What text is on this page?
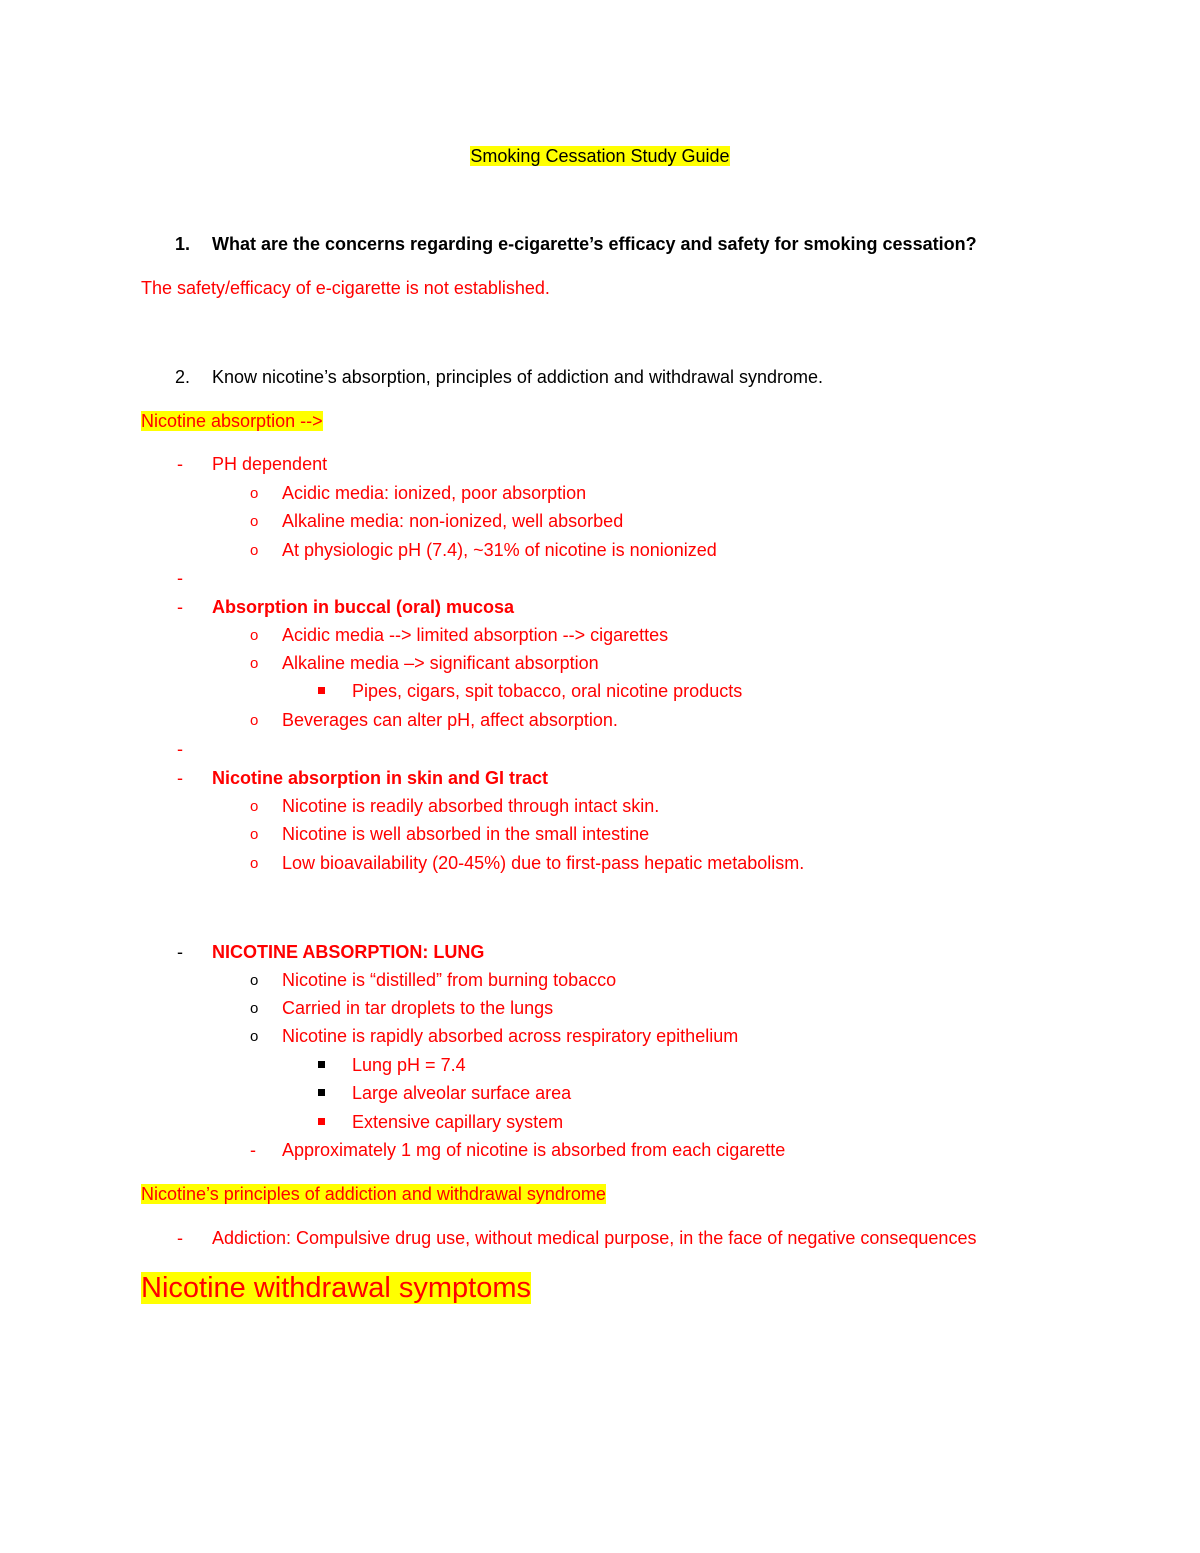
Smoking Cessation Study Guide
1. What are the concerns regarding e-cigarette’s efficacy and safety for smoking cessation?
The safety/efficacy of e-cigarette is not established.
2. Know nicotine’s absorption, principles of addiction and withdrawal syndrome.
Nicotine absorption -->
- PH dependent
o Acidic media: ionized, poor absorption
o Alkaline media: non-ionized, well absorbed
o At physiologic pH (7.4), ~31% of nicotine is nonionized
-
- Absorption in buccal (oral) mucosa
o Acidic media --> limited absorption --> cigarettes
o Alkaline media –> significant absorption
Pipes, cigars, spit tobacco, oral nicotine products
o Beverages can alter pH, affect absorption.
-
- Nicotine absorption in skin and GI tract
o Nicotine is readily absorbed through intact skin.
o Nicotine is well absorbed in the small intestine
o Low bioavailability (20-45%) due to first-pass hepatic metabolism.
- NICOTINE ABSORPTION: LUNG
o Nicotine is “distilled” from burning tobacco
o Carried in tar droplets to the lungs
o Nicotine is rapidly absorbed across respiratory epithelium
Lung pH = 7.4
Large alveolar surface area
Extensive capillary system
- Approximately 1 mg of nicotine is absorbed from each cigarette
Nicotine’s principles of addiction and withdrawal syndrome
- Addiction: Compulsive drug use, without medical purpose, in the face of negative consequences
Nicotine withdrawal symptoms
